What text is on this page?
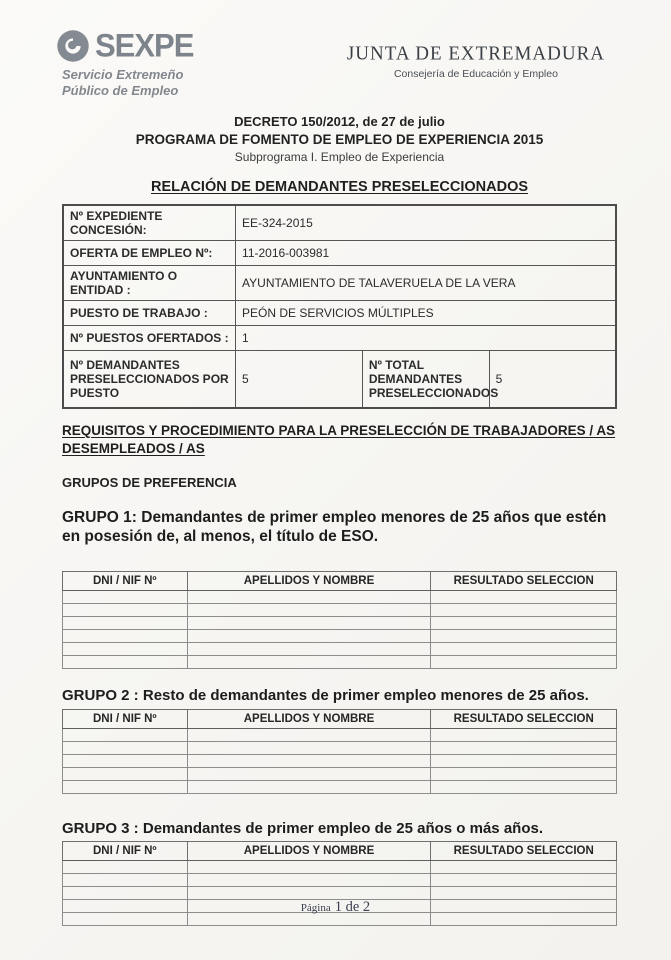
SEXPE
Servicio Extremeño
Público de Empleo
JUNTA DE EXTREMADURA
Consejería de Educación y Empleo
DECRETO 150/2012, de 27 de julio
PROGRAMA DE FOMENTO DE EMPLEO DE EXPERIENCIA 2015
Subprograma I. Empleo de Experiencia
RELACIÓN DE DEMANDANTES PRESELECCIONADOS
Nº EXPEDIENTE CONCESIÓN:	EE-324-2015		
OFERTA DE EMPLEO Nº:	11-2016-003981		
AYUNTAMIENTO O ENTIDAD :	AYUNTAMIENTO DE TALAVERUELA DE LA VERA		
PUESTO DE TRABAJO :	PEÓN DE SERVICIOS MÚLTIPLES		
Nº PUESTOS OFERTADOS :	1		
Nº DEMANDANTES PRESELECCIONADOS POR PUESTO	5	Nº TOTAL DEMANDANTES PRESELECCIONADOS	5
REQUISITOS Y PROCEDIMIENTO PARA LA PRESELECCIÓN DE TRABAJADORES / AS DESEMPLEADOS / AS
GRUPOS DE PREFERENCIA
GRUPO 1: Demandantes de primer empleo menores de 25 años que estén en posesión de, al menos, el título de ESO.
DNI / NIF Nº	APELLIDOS Y NOMBRE	RESULTADO SELECCION

GRUPO 2 : Resto de demandantes de primer empleo menores de 25 años.
DNI / NIF Nº	APELLIDOS Y NOMBRE	RESULTADO SELECCION

GRUPO 3 : Demandantes de primer empleo de 25 años o más años.
DNI / NIF Nº	APELLIDOS Y NOMBRE	RESULTADO SELECCION

Página 1 de 2
